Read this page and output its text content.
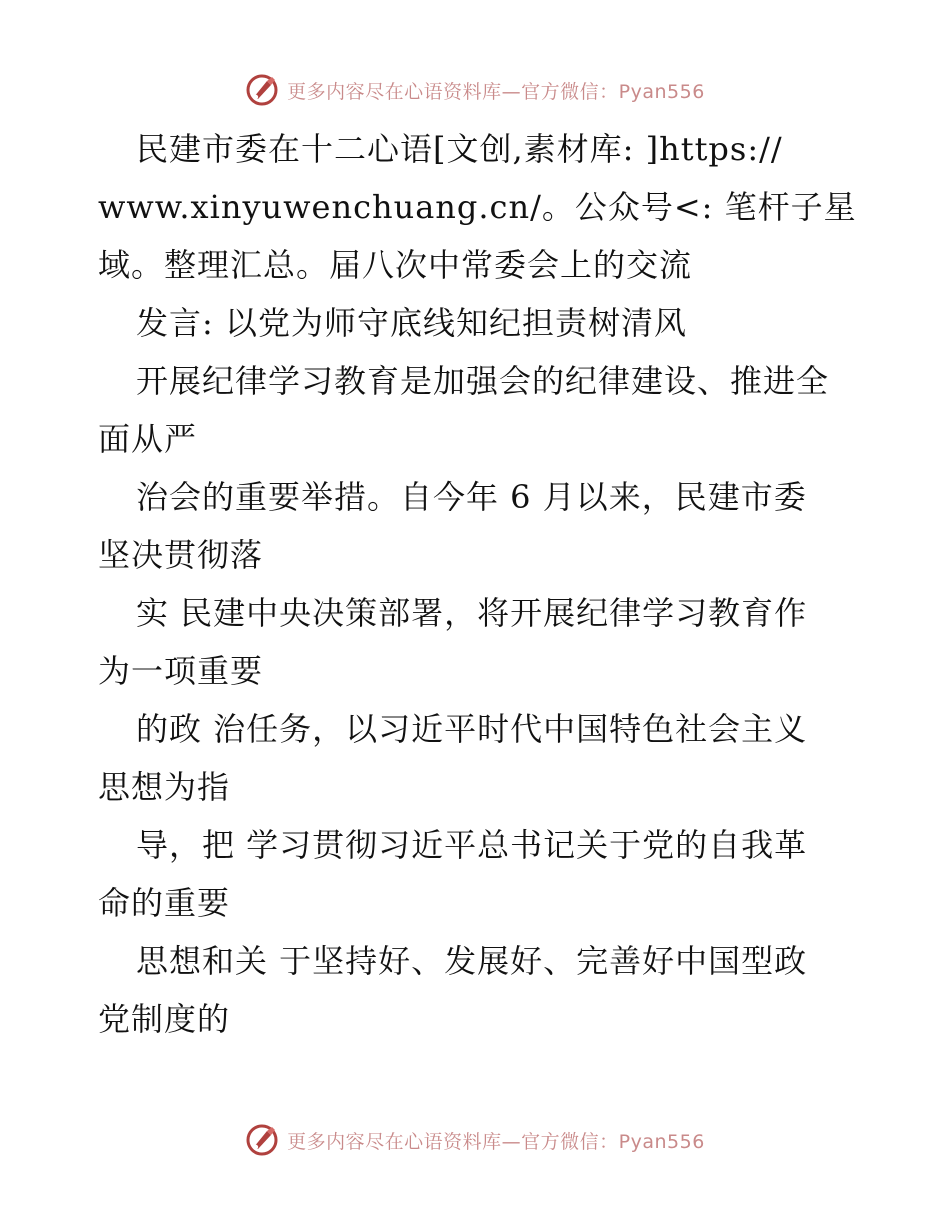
更多内容尽在心语资料库—官方微信：Pyan556
民建市委在十二心语[文创,素材库: ]https://
www.xinyuwenchuang.cn/。公众号<: 笔杆子星
域。整理汇总。届八次中常委会上的交流
发言: 以党为师守底线知纪担责树清风
开展纪律学习教育是加强会的纪律建设、推进全
面从严
治会的重要举措。自今年 6 月以来，民建市委
坚决贯彻落
实 民建中央决策部署，将开展纪律学习教育作
为一项重要
的政 治任务，以习近平时代中国特色社会主义
思想为指
导，把 学习贯彻习近平总书记关于党的自我革
命的重要
思想和关 于坚持好、发展好、完善好中国型政
党制度的
更多内容尽在心语资料库—官方微信：Pyan556
